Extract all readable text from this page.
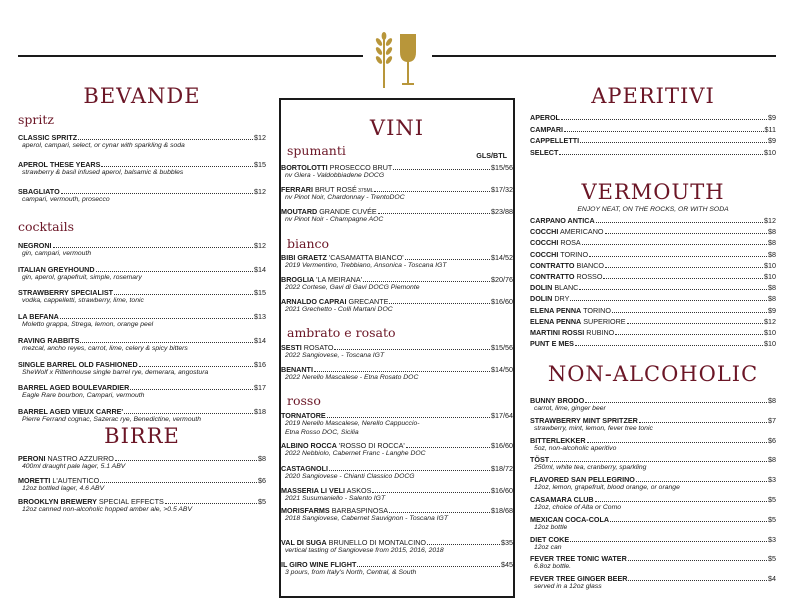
BEVANDE
spritz
CLASSIC SPRITZ	$12
aperol, campari, select, or cynar with sparkling & soda
APEROL THESE YEARS	$15
strawberry & basil infused aperol, balsamic & bubbles
SBAGLIATO	$12
campari, vermouth, prosecco
cocktails
NEGRONI	$12
gin, campari, vermouth
ITALIAN GREYHOUND	$14
gin, aperol, grapefruit, simple, rosemary
STRAWBERRY SPECIALIST	$15
vodka, cappelletti, strawberry, lime, tonic
LA BEFANA	$13
Moletto grappa, Strega, lemon, orange peel
RAVING RABBITS	$14
mezcal, ancho reyes, carrot, lime, celery & spicy bitters
SINGLE BARREL OLD FASHIONED	$16
SheWolf x Rittenhouse single barrel rye, demerara, angostura
BARREL AGED BOULEVARDIER	$17
Eagle Rare bourbon, Campari, vermouth
BARREL AGED VIEUX CARRE'	$18
Pierre Ferrand cognac, Sazerac rye, Benedictine, vermouth
BIRRE
PERONI NASTRO AZZURRO	$8
400ml draught pale lager, 5.1 ABV
MORETTI L'AUTENTICO	$6
12oz bottled lager, 4.6 ABV
BROOKLYN BREWERY SPECIAL EFFECTS	$5
12oz canned non-alcoholic hopped amber ale, >0.5 ABV
VINI
spumanti	GLS/BTL
BORTOLOTTI PROSECCO BRUT	$15/56
nv Glera - Valdobbiadene DOCG
FERRARI BRUT ROSÉ 375ML	$17/32
nv Pinot Noir, Chardonnay - TrentoDOC
MOUTARD GRANDE CUVÉE	$23/88
nv Pinot Noir - Champagne AOC
BIBI GRAETZ 'CASAMATTA BIANCO'	$14/52
2019 Vermentino, Trebbiano, Ansonica - Toscana IGT
BROGLIA 'LA MEIRANA'	$20/76
2022 Cortese, Gavi di Gavi DOCG Piemonte
ARNALDO CAPRAI GRECANTE	$16/60
2021 Grechetto - Colli Martani DOC
SESTI ROSATO	$15/56
2022 Sangiovese, - Toscana IGT
BENANTI	$14/50
2022 Nerello Mascalese - Etna Rosato DOC
TORNATORE	$17/64
2019 Nerello Mascalese, Nerello Cappuccio-
Etna Rosso DOC, Sicilia
ALBINO ROCCA 'ROSSO DI ROCCA'	$16/60
2022 Nebbiolo, Cabernet Franc - Langhe DOC
CASTAGNOLI	$18/72
2020 Sangiovese - Chianti Classico DOCG
MASSERIA LI VELI ASKOS	$16/60
2021 Susumaniello - Salento IGT
MORISFARMS BARBASPINOSA	$18/68
2018 Sangiovese, Cabernet Sauvignon - Toscana IGT
VAL DI SUGA BRUNELLO DI MONTALCINO	$35
vertical tasting of Sangiovese from 2015, 2016, 2018
IL GIRO WINE FLIGHT	$45
3 pours, from Italy's North, Central, & South
bianco
ambrato e rosato
rosso
APERITIVI
APEROL	$9
CAMPARI	$11
CAPPELLETTI	$9
SELECT	$10
VERMOUTH
ENJOY NEAT, ON THE ROCKS, OR WITH SODA
CARPANO ANTICA	$12
COCCHI AMERICANO	$8
COCCHI ROSA	$8
COCCHI TORINO	$8
CONTRATTO BIANCO	$10
CONTRATTO ROSSO	$10
DOLIN BLANC	$8
DOLIN DRY	$8
ELENA PENNA TORINO	$9
ELENA PENNA SUPERIORE	$12
MARTINI ROSSI RUBINO	$10
PUNT E MES	$10
NON-ALCOHOLIC
BUNNY BRODO	$8
carrot, lime, ginger beer
STRAWBERRY MINT SPRITZER	$7
strawberry, mint, lemon, fever tree tonic
BITTERLEKKER	$6
5oz, non-alcoholic aperitivo
TÖST	$8
250ml, white tea, cranberry, sparkling
FLAVORED SAN PELLEGRINO	$3
12oz, lemon, grapefruit, blood orange, or orange
CASAMARA CLUB	$5
12oz, choice of Alta or Como
MEXICAN COCA-COLA	$5
12oz bottle
DIET COKE	$3
12oz can
FEVER TREE TONIC WATER	$5
6.8oz bottle.
FEVER TREE GINGER BEER	$4
served in a 12oz glass
